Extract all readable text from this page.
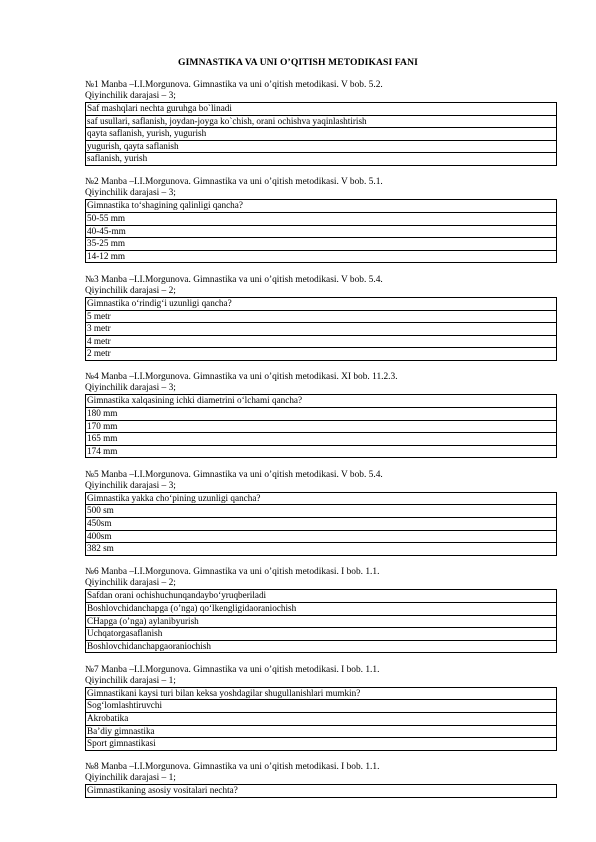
GIMNASTIKA VA UNI O’QITISH METODIKASI FANI
№1 Manba –I.I.Morgunova. Gimnastika va uni o’qitish metodikasi. V bob. 5.2.
Qiyinchilik darajasi – 3;
Saf mashqlari nechta guruhga bo`linadi
saf usullari, saflanish, joydan-joyga ko`chish, orani ochishva yaqinlashtirish
qayta saflanish, yurish, yugurish
yugurish, qayta saflanish
saflanish, yurish
№2 Manba –I.I.Morgunova. Gimnastika va uni o’qitish metodikasi. V bob. 5.1.
Qiyinchilik darajasi – 3;
Gimnastika to‘shagining qalinligi qancha?
50-55 mm
40-45-mm
35-25 mm
14-12 mm
№3 Manba –I.I.Morgunova. Gimnastika va uni o’qitish metodikasi. V bob. 5.4.
Qiyinchilik darajasi – 2;
Gimnastika o‘rindig‘i uzunligi qancha?
5 metr
3 metr
4 metr
2 metr
№4 Manba –I.I.Morgunova. Gimnastika va uni o’qitish metodikasi. XI bob. 11.2.3.
Qiyinchilik darajasi – 3;
Gimnastika xalqasining ichki diametrini o‘lchami qancha?
180 mm
170 mm
165 mm
174 mm
№5 Manba –I.I.Morgunova. Gimnastika va uni o’qitish metodikasi. V bob. 5.4.
Qiyinchilik darajasi – 3;
Gimnastika yakka cho‘pining uzunligi qancha?
500 sm
450sm
400sm
382 sm
№6 Manba –I.I.Morgunova. Gimnastika va uni o’qitish metodikasi. I bob. 1.1.
Qiyinchilik darajasi – 2;
Safdan orani ochishuchunqandaybo‘yruqberiladi
Boshlovchidanchapga (o’nga) qo‘lkengligidaoraniochish
CHapga (o’nga) aylanibyurish
Uchqatorgasaflanish
Boshlovchidanchapgaoraniochish
№7 Manba –I.I.Morgunova. Gimnastika va uni o’qitish metodikasi. I bob. 1.1.
Qiyinchilik darajasi – 1;
Gimnastikani kaysi turi bilan keksa yoshdagilar shugullanishlari mumkin?
Sog‘lomlashtiruvchi
Akrobatika
Ba’diy gimnastika
Sport gimnastikasi
№8 Manba –I.I.Morgunova. Gimnastika va uni o’qitish metodikasi. I bob. 1.1.
Qiyinchilik darajasi – 1;
Gimnastikaning asosiy vositalari nechta?
